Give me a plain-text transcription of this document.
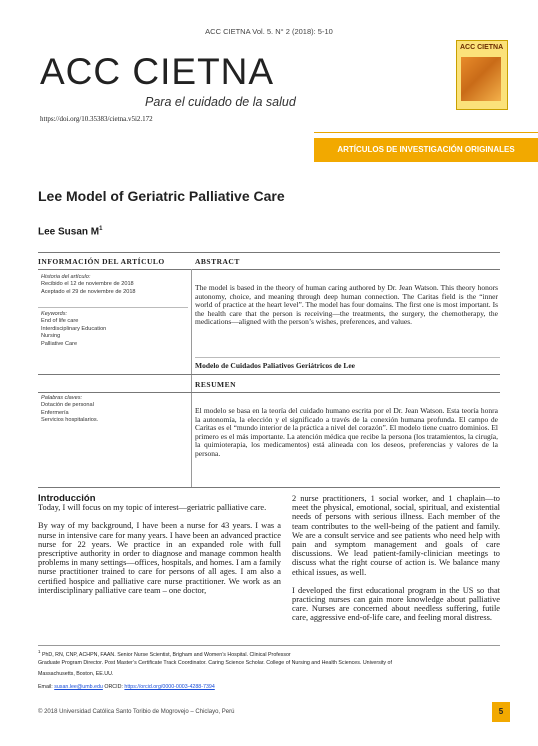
ACC CIETNA Vol. 5. N° 2 (2018): 5-10
ACC CIETNA
Para el cuidado de la salud
https://doi.org/10.35383/cietna.v5i2.172
ACC CIETNA
ARTÍCULOS DE INVESTIGACIÓN ORIGINALES
Lee Model of Geriatric Palliative Care
Lee Susan $M^1$
INFORMACIÓN DEL ARTÍCULO	ABSTRACT
Historia del artículo:
Recibido el 12 de noviembre de 2018
Aceptado el 29 de noviembre de 2018
Keywords:
End of life care
Interdisciplinary Education
Nursing
Palliative Care
The model is based in the theory of human caring authored by Dr. Jean Watson. This theory honors autonomy, choice, and meaning through deep human connection. The Caritas field is the “inner world of practice at the heart level”. The model has four domains. The first one is most important. Is the health care that the person is receiving—the treatments, the surgery, the chemotherapy, the medications—aligned with the person’s wishes, preferences, and values.
Modelo de Cuidados Paliativos Geriátricos de Lee
RESUMEN
Palabras claves:
Dotación de personal
Enfermería
Servicios hospitalarios.
El modelo se basa en la teoría del cuidado humano escrita por el Dr. Jean Watson. Esta teoría honra la autonomía, la elección y el significado a través de la conexión humana profunda. El campo de Caritas es el “mundo interior de la práctica a nivel del corazón”. El modelo tiene cuatro dominios. El primero es el más importante. La atención médica que recibe la persona (los tratamientos, la cirugía, la quimioterapia, los medicamentos) está alineada con los deseos, preferencias y valores de la persona.

Introducción

Today, I will focus on my topic of interest—geriatric palliative care.

By way of my background, I have been a nurse for 43 years. I was a nurse in intensive care for many years. I have been an advanced practice nurse for 22 years. We practice in an expanded role with full prescriptive authority in order to diagnose and manage common health problems in many settings—offices, hospitals, and homes. I am a family nurse practitioner trained to care for persons of all ages. I am also a certified hospice and palliative care nurse practitioner. We work as an interdisciplinary palliative care team – one doctor,

2 nurse practitioners, 1 social worker, and 1 chaplain—to meet the physical, emotional, social, spiritual, and existential needs of persons with serious illness. Each member of the team contributes to the well-being of the patient and family. We are a consult service and see patients who need help with pain and symptom management and goals of care discussions. We lead patient-family-clinician meetings to discuss what the right course of action is. We balance many ethical issues, as well.

I developed the first educational program in the US so that practicing nurses can gain more knowledge about palliative care. Nurses are concerned about needless suffering, futile care, aggressive end-of-life care, and feeling moral distress.

$^1$ PhD, RN, CNP, ACHPN, FAAN. Senior Nurse Scientist, Brigham and Women’s Hospital. Clinical Professor
Graduate Program Director. Post Master’s Certificate Track Coordinator. Caring Science Scholar. College of Nursing and Health Sciences. University of
Massachusetts, Boston, EE.UU.
Email: susan.lee@umb.edu ORCID: https://orcid.org/0000-0003-4288-7394
© 2018 Universidad Católica Santo Toribio de Mogrovejo – Chiclayo, Perú	5
